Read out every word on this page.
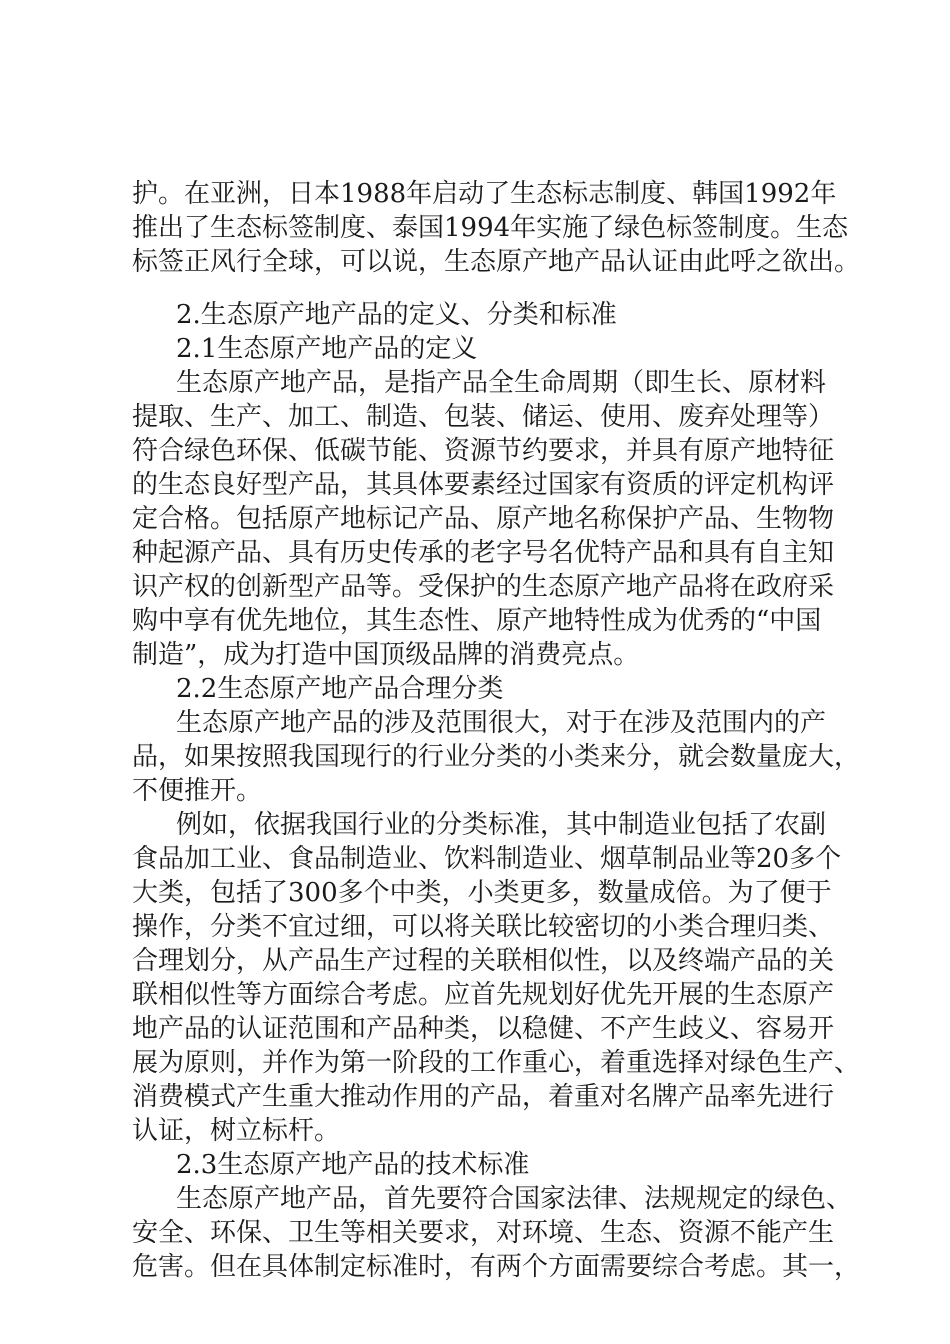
护。在亚洲，日本1988年启动了生态标志制度、韩国1992年
推出了生态标签制度、泰国1994年实施了绿色标签制度。生态
标签正风行全球，可以说，生态原产地产品认证由此呼之欲出。
2.生态原产地产品的定义、分类和标准
2.1生态原产地产品的定义
生态原产地产品，是指产品全生命周期（即生长、原材料
提取、生产、加工、制造、包装、储运、使用、废弃处理等）
符合绿色环保、低碳节能、资源节约要求，并具有原产地特征
的生态良好型产品，其具体要素经过国家有资质的评定机构评
定合格。包括原产地标记产品、原产地名称保护产品、生物物
种起源产品、具有历史传承的老字号名优特产品和具有自主知
识产权的创新型产品等。受保护的生态原产地产品将在政府采
购中享有优先地位，其生态性、原产地特性成为优秀的“中国
制造”，成为打造中国顶级品牌的消费亮点。
2.2生态原产地产品合理分类
生态原产地产品的涉及范围很大，对于在涉及范围内的产
品，如果按照我国现行的行业分类的小类来分，就会数量庞大，
不便推开。
例如，依据我国行业的分类标准，其中制造业包括了农副
食品加工业、食品制造业、饮料制造业、烟草制品业等20多个
大类，包括了300多个中类，小类更多，数量成倍。为了便于
操作，分类不宜过细，可以将关联比较密切的小类合理归类、
合理划分，从产品生产过程的关联相似性，以及终端产品的关
联相似性等方面综合考虑。应首先规划好优先开展的生态原产
地产品的认证范围和产品种类，以稳健、不产生歧义、容易开
展为原则，并作为第一阶段的工作重心，着重选择对绿色生产、
消费模式产生重大推动作用的产品，着重对名牌产品率先进行
认证，树立标杆。
2.3生态原产地产品的技术标准
生态原产地产品，首先要符合国家法律、法规规定的绿色、
安全、环保、卫生等相关要求，对环境、生态、资源不能产生
危害。但在具体制定标准时，有两个方面需要综合考虑。其一，
